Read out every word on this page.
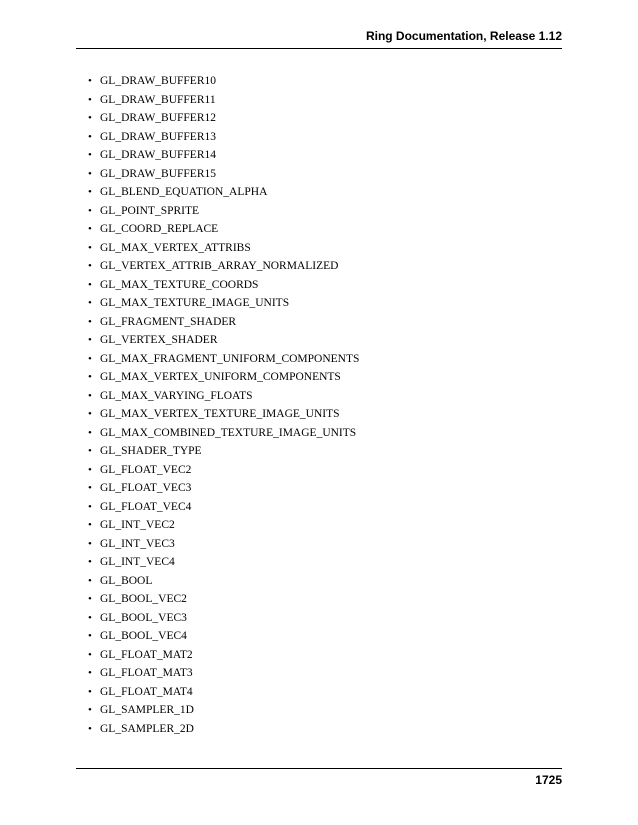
Ring Documentation, Release 1.12
• GL_DRAW_BUFFER10
• GL_DRAW_BUFFER11
• GL_DRAW_BUFFER12
• GL_DRAW_BUFFER13
• GL_DRAW_BUFFER14
• GL_DRAW_BUFFER15
• GL_BLEND_EQUATION_ALPHA
• GL_POINT_SPRITE
• GL_COORD_REPLACE
• GL_MAX_VERTEX_ATTRIBS
• GL_VERTEX_ATTRIB_ARRAY_NORMALIZED
• GL_MAX_TEXTURE_COORDS
• GL_MAX_TEXTURE_IMAGE_UNITS
• GL_FRAGMENT_SHADER
• GL_VERTEX_SHADER
• GL_MAX_FRAGMENT_UNIFORM_COMPONENTS
• GL_MAX_VERTEX_UNIFORM_COMPONENTS
• GL_MAX_VARYING_FLOATS
• GL_MAX_VERTEX_TEXTURE_IMAGE_UNITS
• GL_MAX_COMBINED_TEXTURE_IMAGE_UNITS
• GL_SHADER_TYPE
• GL_FLOAT_VEC2
• GL_FLOAT_VEC3
• GL_FLOAT_VEC4
• GL_INT_VEC2
• GL_INT_VEC3
• GL_INT_VEC4
• GL_BOOL
• GL_BOOL_VEC2
• GL_BOOL_VEC3
• GL_BOOL_VEC4
• GL_FLOAT_MAT2
• GL_FLOAT_MAT3
• GL_FLOAT_MAT4
• GL_SAMPLER_1D
• GL_SAMPLER_2D
1725
